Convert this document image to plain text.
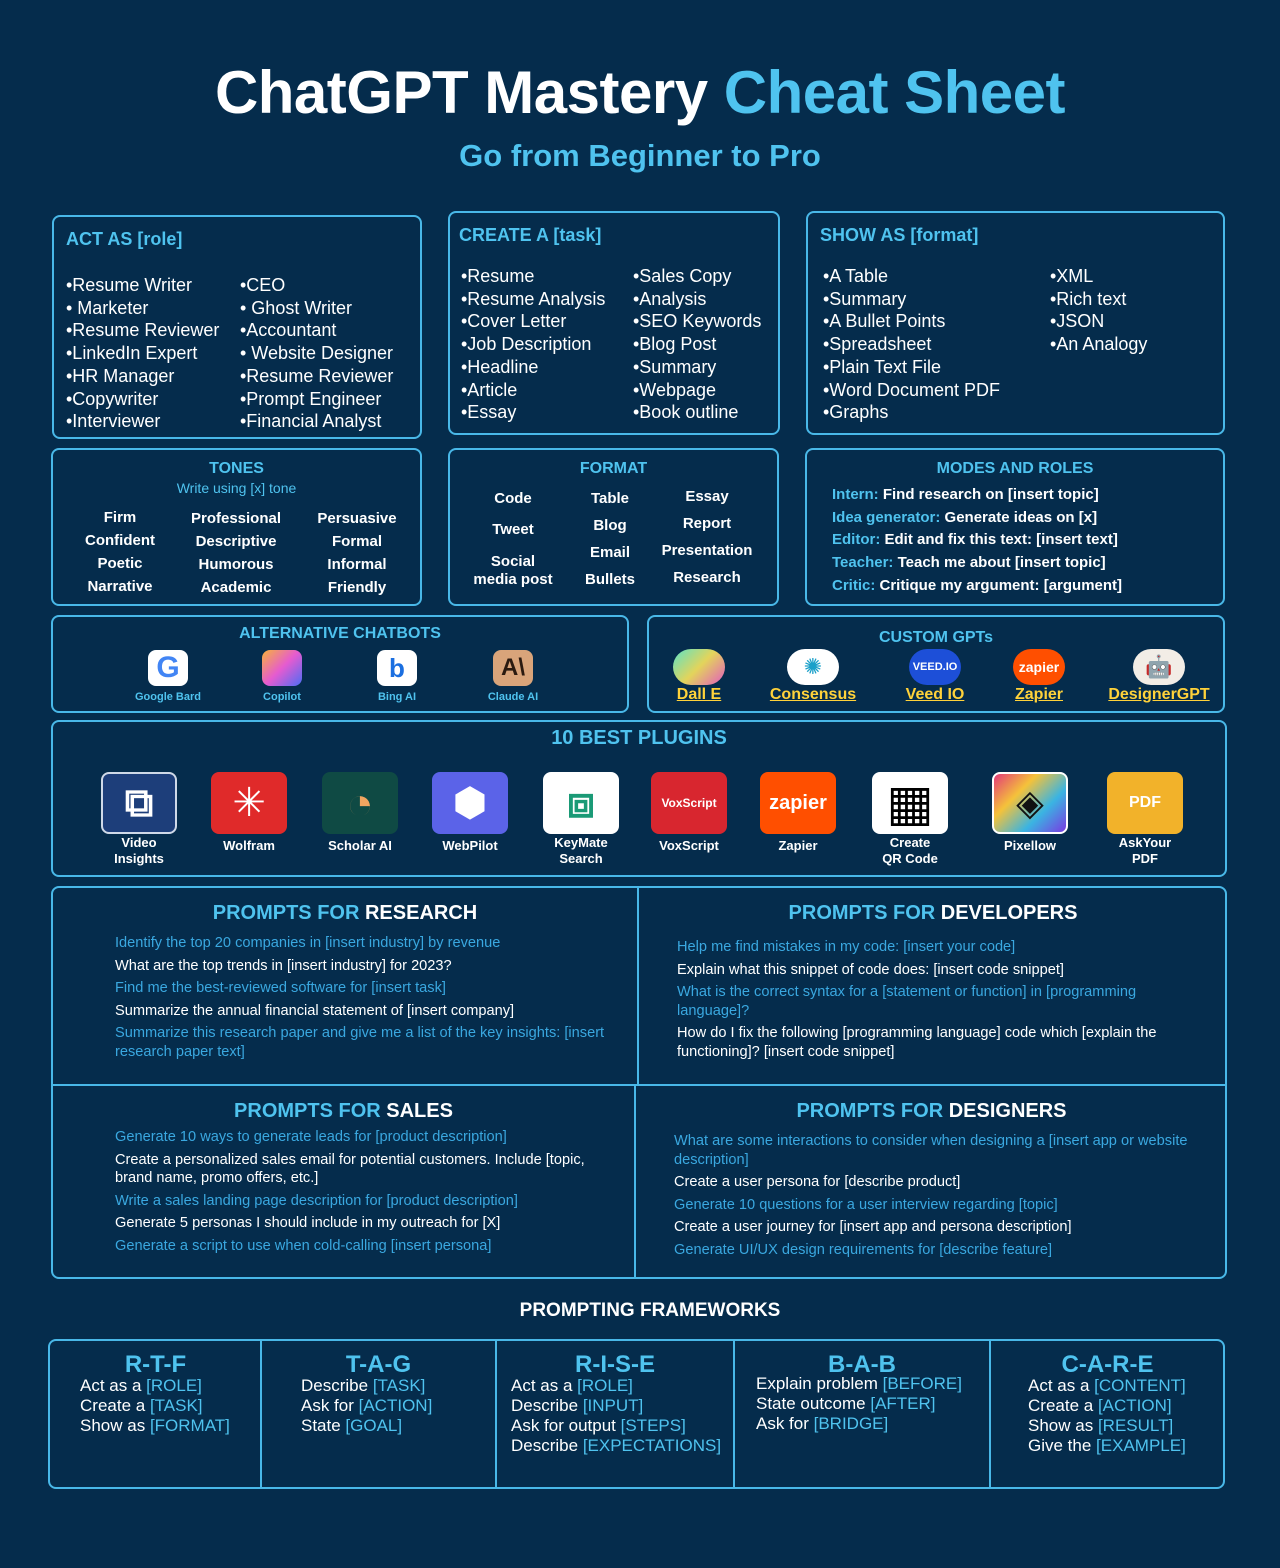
ChatGPT Mastery Cheat Sheet
Go from Beginner to Pro
ACT AS [role]
•Resume Writer
• Marketer
•Resume Reviewer
•LinkedIn Expert
•HR Manager
•Copywriter
•Interviewer
•CEO
• Ghost Writer
•Accountant
• Website Designer
•Resume Reviewer
•Prompt Engineer
•Financial Analyst
CREATE A [task]
•Resume
•Resume Analysis
•Cover Letter
•Job Description
•Headline
•Article
•Essay
•Sales Copy
•Analysis
•SEO Keywords
•Blog Post
•Summary
•Webpage
•Book outline
SHOW AS [format]
•A Table
•Summary
•A Bullet Points
•Spreadsheet
•Plain Text File
•Word Document PDF
•Graphs
•XML
•Rich text
•JSON
•An Analogy
TONES
Write using [x] tone
Firm
Confident
Poetic
Narrative
Professional
Descriptive
Humorous
Academic
Persuasive
Formal
Informal
Friendly
FORMAT
Code
Tweet
Social
media post
Table
Blog
Email
Bullets
Essay
Report
Presentation
Research
MODES AND ROLES
Intern: Find research on [insert topic]
Idea generator: Generate ideas on [x]
Editor: Edit and fix this text: [insert text]
Teacher: Teach me about [insert topic]
Critic: Critique my argument: [argument]
ALTERNATIVE CHATBOTS
G
Google Bard	Copilot
b
Bing AI
A\
Claude AI
CUSTOM GPTs
Dall E
✺
Consensus
VEED.IO
Veed IO
zapier
Zapier
🤖
DesignerGPT
10 BEST PLUGINS
⧉
Video
Insights
✳
Wolfram
◔
Scholar AI
⬢
WebPilot
⧈
KeyMate
Search
VoxScript
VoxScript
zapier
Zapier
▦
Create
QR Code
◈
Pixellow
PDF
AskYour
PDF
PROMPTS FOR RESEARCH

Identify the top 20 companies in [insert industry] by revenue

What are the top trends in [insert industry] for 2023?

Find me the best-reviewed software for [insert task]

Summarize the annual financial statement of [insert company]

Summarize this research paper and give me a list of the key insights: [insert research paper text]

PROMPTS FOR DEVELOPERS

Help me find mistakes in my code: [insert your code]

Explain what this snippet of code does: [insert code snippet]

What is the correct syntax for a [statement or function] in [programming language]?

How do I fix the following [programming language] code which [explain the functioning]? [insert code snippet]

PROMPTS FOR SALES

Generate 10 ways to generate leads for [product description]

Create a personalized sales email for potential customers. Include [topic, brand name, promo offers, etc.]

Write a sales landing page description for [product description]

Generate 5 personas I should include in my outreach for [X]

Generate a script to use when cold-calling [insert persona]

PROMPTS FOR DESIGNERS

What are some interactions to consider when designing a [insert app or website description]

Create a user persona for [describe product]

Generate 10 questions for a user interview regarding [topic]

Create a user journey for [insert app and persona description]

Generate UI/UX design requirements for [describe feature]

PROMPTING FRAMEWORKS
R-T-F
Act as a [ROLE]
Create a [TASK]
Show as [FORMAT]
T-A-G
Describe [TASK]
Ask for [ACTION]
State [GOAL]
R-I-S-E
Act as a [ROLE]
Describe [INPUT]
Ask for output [STEPS]
Describe [EXPECTATIONS]
B-A-B
Explain problem [BEFORE]
State outcome [AFTER]
Ask for [BRIDGE]
C-A-R-E
Act as a [CONTENT]
Create a [ACTION]
Show as [RESULT]
Give the [EXAMPLE]
